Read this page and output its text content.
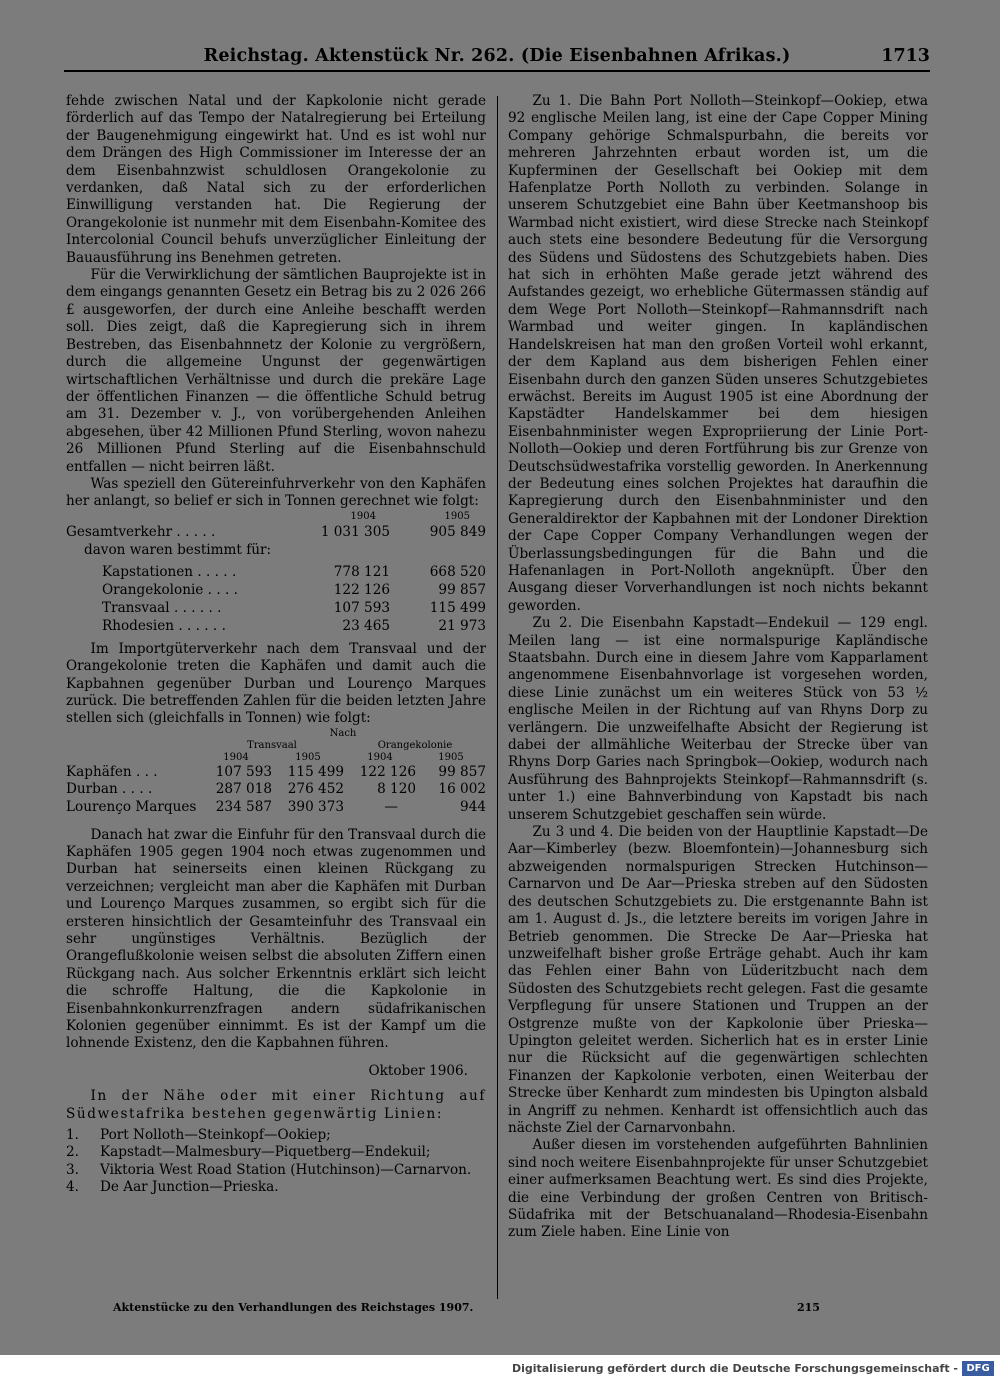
Reichstag. Aktenstück Nr. 262. (Die Eisenbahnen Afrikas.)	1713

fehde zwischen Natal und der Kapkolonie nicht gerade förderlich auf das Tempo der Natalregierung bei Erteilung der Baugenehmigung eingewirkt hat. Und es ist wohl nur dem Drängen des High Commissioner im Interesse der an dem Eisenbahnzwist schuldlosen Orangekolonie zu verdanken, daß Natal sich zu der erforderlichen Einwilligung verstanden hat. Die Regierung der Orangekolonie ist nunmehr mit dem Eisenbahn-Komitee des Intercolonial Council behufs unverzüglicher Einleitung der Bauausführung ins Benehmen getreten.

Für die Verwirklichung der sämtlichen Bauprojekte ist in dem eingangs genannten Gesetz ein Betrag bis zu 2 026 266 £ ausgeworfen, der durch eine Anleihe beschafft werden soll. Dies zeigt, daß die Kapregierung sich in ihrem Bestreben, das Eisenbahnnetz der Kolonie zu vergrößern, durch die allgemeine Ungunst der gegenwärtigen wirtschaftlichen Verhältnisse und durch die prekäre Lage der öffentlichen Finanzen — die öffentliche Schuld betrug am 31. Dezember v. J., von vorübergehenden Anleihen abgesehen, über 42 Millionen Pfund Sterling, wovon nahezu 26 Millionen Pfund Sterling auf die Eisenbahnschuld entfallen — nicht beirren läßt.

Was speziell den Gütereinfuhrverkehr von den Kaphäfen her anlangt, so belief er sich in Tonnen gerechnet wie folgt:

	1904	1905
Gesamtverkehr . . . . .	1 031 305	905 849
davon waren bestimmt für:		

Kapstationen . . . . .	778 121	668 520
Orangekolonie . . . .	122 126	99 857
Transvaal . . . . . .	107 593	115 499
Rhodesien . . . . . .	23 465	21 973

Im Importgüterverkehr nach dem Transvaal und der Orangekolonie treten die Kaphäfen und damit auch die Kapbahnen gegenüber Durban und Lourenço Marques zurück. Die betreffenden Zahlen für die beiden letzten Jahre stellen sich (gleichfalls in Tonnen) wie folgt:

	Nach			
	Transvaal		Orangekolonie	
	1904	1905	1904	1905
Kaphäfen . . .	107 593	115 499	122 126	99 857
Durban . . . .	287 018	276 452	8 120	16 002
Lourenço Marques	234 587	390 373	—	944

Danach hat zwar die Einfuhr für den Transvaal durch die Kaphäfen 1905 gegen 1904 noch etwas zugenommen und Durban hat seinerseits einen kleinen Rückgang zu verzeichnen; vergleicht man aber die Kaphäfen mit Durban und Lourenço Marques zusammen, so ergibt sich für die ersteren hinsichtlich der Gesamteinfuhr des Transvaal ein sehr ungünstiges Verhältnis. Bezüglich der Orangeflußkolonie weisen selbst die absoluten Ziffern einen Rückgang nach. Aus solcher Erkenntnis erklärt sich leicht die schroffe Haltung, die die Kapkolonie in Eisenbahnkonkurrenzfragen andern südafrikanischen Kolonien gegenüber einnimmt. Es ist der Kampf um die lohnende Existenz, den die Kapbahnen führen.

Oktober 1906.

In der Nähe oder mit einer Richtung auf Südwestafrika bestehen gegenwärtig Linien:

1. Port Nolloth—Steinkopf—Ookiep;
2. Kapstadt—Malmesbury—Piquetberg—Endekuil;
3. Viktoria West Road Station (Hutchinson)—Carnarvon.
4. De Aar Junction—Prieska.

Zu 1. Die Bahn Port Nolloth—Steinkopf—Ookiep, etwa 92 englische Meilen lang, ist eine der Cape Copper Mining Company gehörige Schmalspurbahn, die bereits vor mehreren Jahrzehnten erbaut worden ist, um die Kupferminen der Gesellschaft bei Ookiep mit dem Hafenplatze Porth Nolloth zu verbinden. Solange in unserem Schutzgebiet eine Bahn über Keetmanshoop bis Warmbad nicht existiert, wird diese Strecke nach Steinkopf auch stets eine besondere Bedeutung für die Versorgung des Südens und Südostens des Schutzgebiets haben. Dies hat sich in erhöhten Maße gerade jetzt während des Aufstandes gezeigt, wo erhebliche Gütermassen ständig auf dem Wege Port Nolloth—Steinkopf—Rahmannsdrift nach Warmbad und weiter gingen. In kapländischen Handelskreisen hat man den großen Vorteil wohl erkannt, der dem Kapland aus dem bisherigen Fehlen einer Eisenbahn durch den ganzen Süden unseres Schutzgebietes erwächst. Bereits im August 1905 ist eine Abordnung der Kapstädter Handelskammer bei dem hiesigen Eisenbahnminister wegen Expropriierung der Linie Port-Nolloth—Ookiep und deren Fortführung bis zur Grenze von Deutschsüdwestafrika vorstellig geworden. In Anerkennung der Bedeutung eines solchen Projektes hat daraufhin die Kapregierung durch den Eisenbahnminister und den Generaldirektor der Kapbahnen mit der Londoner Direktion der Cape Copper Company Verhandlungen wegen der Überlassungsbedingungen für die Bahn und die Hafenanlagen in Port-Nolloth angeknüpft. Über den Ausgang dieser Vorverhandlungen ist noch nichts bekannt geworden.

Zu 2. Die Eisenbahn Kapstadt—Endekuil — 129 engl. Meilen lang — ist eine normalspurige Kapländische Staatsbahn. Durch eine in diesem Jahre vom Kapparlament angenommene Eisenbahnvorlage ist vorgesehen worden, diese Linie zunächst um ein weiteres Stück von 53 ½ englische Meilen in der Richtung auf van Rhyns Dorp zu verlängern. Die unzweifelhafte Absicht der Regierung ist dabei der allmähliche Weiterbau der Strecke über van Rhyns Dorp Garies nach Springbok—Ookiep, wodurch nach Ausführung des Bahnprojekts Steinkopf—Rahmannsdrift (s. unter 1.) eine Bahnverbindung von Kapstadt bis nach unserem Schutzgebiet geschaffen sein würde.

Zu 3 und 4. Die beiden von der Hauptlinie Kapstadt—De Aar—Kimberley (bezw. Bloemfontein)—Johannesburg sich abzweigenden normalspurigen Strecken Hutchinson—Carnarvon und De Aar—Prieska streben auf den Südosten des deutschen Schutzgebiets zu. Die erstgenannte Bahn ist am 1. August d. Js., die letztere bereits im vorigen Jahre in Betrieb genommen. Die Strecke De Aar—Prieska hat unzweifelhaft bisher große Erträge gehabt. Auch ihr kam das Fehlen einer Bahn von Lüderitzbucht nach dem Südosten des Schutzgebiets recht gelegen. Fast die gesamte Verpflegung für unsere Stationen und Truppen an der Ostgrenze mußte von der Kapkolonie über Prieska—Upington geleitet werden. Sicherlich hat es in erster Linie nur die Rücksicht auf die gegenwärtigen schlechten Finanzen der Kapkolonie verboten, einen Weiterbau der Strecke über Kenhardt zum mindesten bis Upington alsbald in Angriff zu nehmen. Kenhardt ist offensichtlich auch das nächste Ziel der Carnarvonbahn.

Außer diesen im vorstehenden aufgeführten Bahnlinien sind noch weitere Eisenbahnprojekte für unser Schutzgebiet einer aufmerksamen Beachtung wert. Es sind dies Projekte, die eine Verbindung der großen Centren von Britisch-Südafrika mit der Betschuanaland—Rhodesia-Eisenbahn zum Ziele haben. Eine Linie von

Aktenstücke zu den Verhandlungen des Reichstages 1907.	215
Digitalisierung gefördert durch die Deutsche Forschungsgemeinschaft - DFG
